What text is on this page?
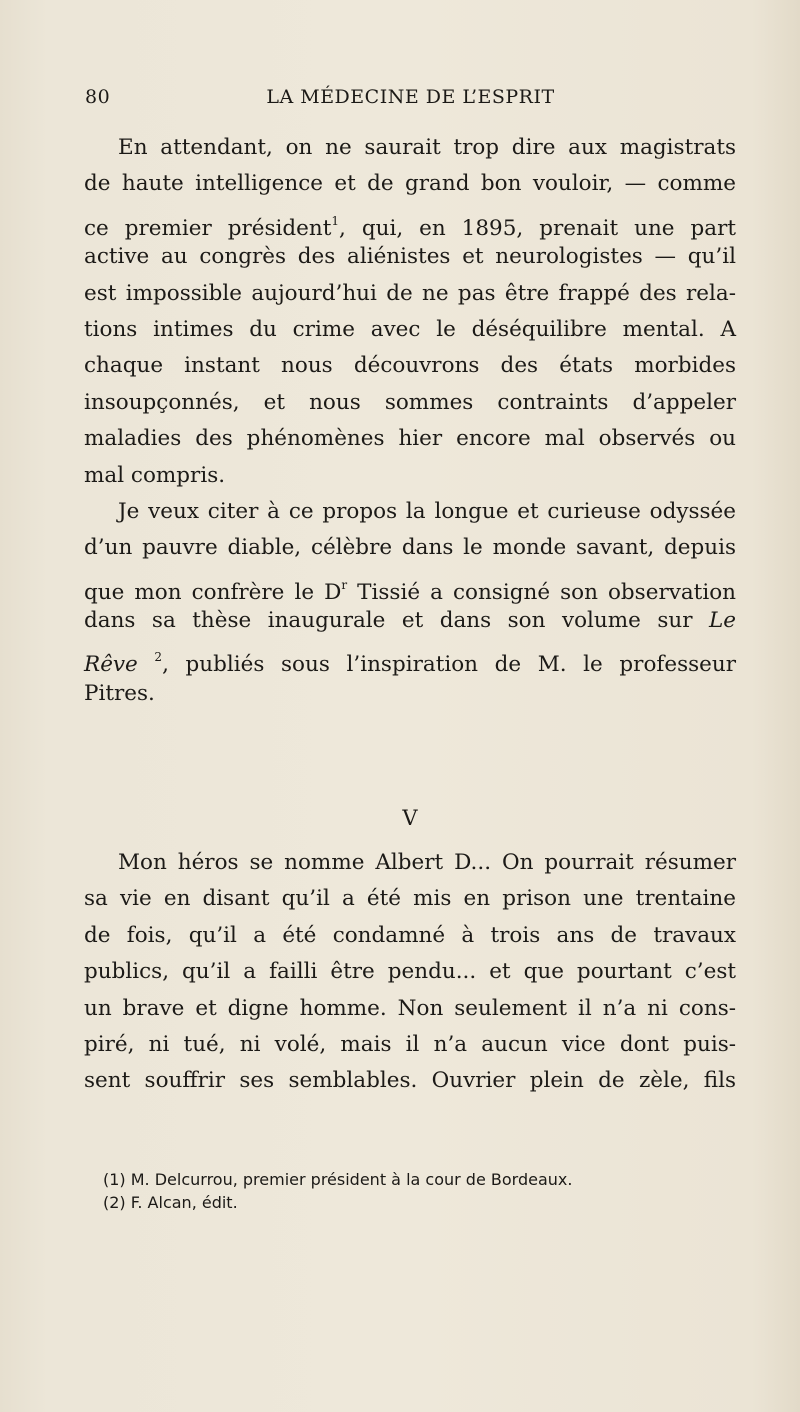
80	LA MÉDECINE DE L’ESPRIT
En attendant, on ne saurait trop dire aux magistrats
de haute intelligence et de grand bon vouloir, — comme
ce premier président$^1$, qui, en 1895, prenait une part
active au congrès des aliénistes et neurologistes — qu’il
est impossible aujourd’hui de ne pas être frappé des rela-
tions intimes du crime avec le déséquilibre mental. A
chaque instant nous découvrons des états morbides
insoupçonnés, et nous sommes contraints d’appeler
maladies des phénomènes hier encore mal observés ou
mal compris.
Je veux citer à ce propos la longue et curieuse odyssée
d’un pauvre diable, célèbre dans le monde savant, depuis
que mon confrère le $D^r$ Tissié a consigné son observation
dans sa thèse inaugurale et dans son volume sur Le
Rêve $^2$, publiés sous l’inspiration de M. le professeur
Pitres.
V
Mon héros se nomme Albert D... On pourrait résumer
sa vie en disant qu’il a été mis en prison une trentaine
de fois, qu’il a été condamné à trois ans de travaux
publics, qu’il a failli être pendu... et que pourtant c’est
un brave et digne homme. Non seulement il n’a ni cons-
piré, ni tué, ni volé, mais il n’a aucun vice dont puis-
sent souffrir ses semblables. Ouvrier plein de zèle, fils
(1) M. Delcurrou, premier président à la cour de Bordeaux.
(2) F. Alcan, édit.
